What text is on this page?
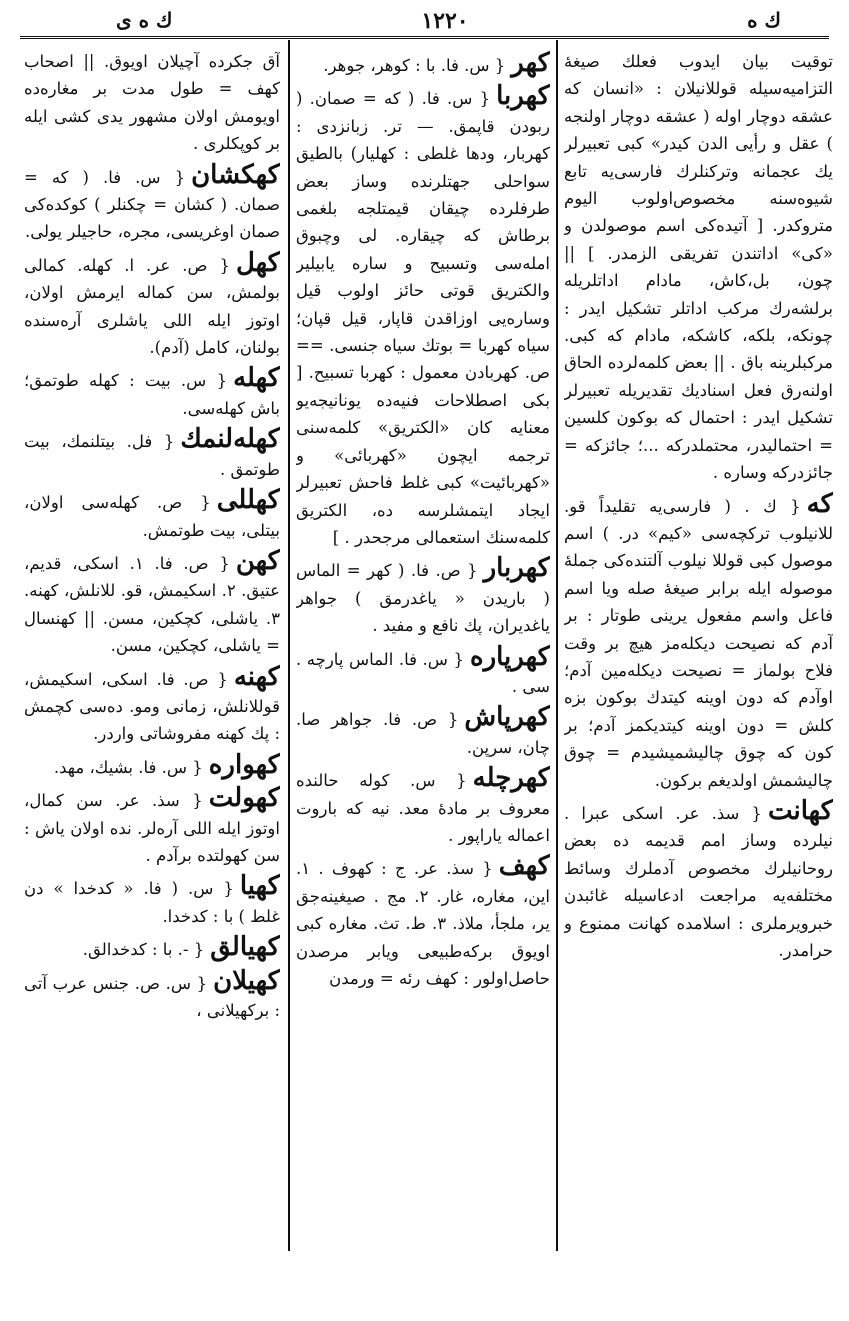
ك ه ى	١٢٢٠	ك ه
توقيت بيان ايدوب فعلك صيغهٔ التزاميه‌سيله قوللانيلان : «انسان كه عشقه دوچار اوله ( عشقه دوچار اولنجه ) عقل و رأيى الدن كيدر» كبى تعبيرلر يك عجمانه وتركنلرك فارسى‌يه تابع شيوه‌سنه مخصوص‌اولوب اليوم متروكدر. [ آتيده‌كى اسم موصولدن و «كى» اداتندن تفريقى الزمدر. ] || چون، بل،كاش، مادام اداتلريله برلشه‌رك مركب اداتلر تشكيل ايدر : چونكه، بلكه، كاشكه، مادام كه كبى. مركبلرينه باق . || بعض كلمه‌لرده الحاق اولنه‌رق فعل اسناديك تقديريله تعبيرلر تشكيل ايدر : احتمال كه بوكون كلسين = احتماليدر، محتملدركه ...؛ جائزكه = جائزدركه وساره .
كه{ ك . ( فارسى‌يه تقليداً قو. للانيلوب تركچه‌سى «كيم» در. ) اسم موصول كبى قوللا نيلوب آلتنده‌كى جملهٔ موصوله ايله برابر صيغهٔ صله ويا اسم فاعل واسم مفعول يرينى طوتار : بر آدم كه نصيحت ديكله‌مز هيچ بر وقت فلاح بولماز = نصيحت ديكله‌مين آدم؛ اوآدم كه دون اوينه كيتدك بوكون بزه كلش = دون اوينه كيتديكمز آدم؛ بر كون كه چوق چاليشميشيدم = چوق چاليشمش اولديغم بركون.
كهانت{ سذ. عر. اسكى عبرا . نيلرده وساز امم قديمه ده بعض روحانيلرك مخصوص آدملرك وسائط مختلفه‌يه مراجعت ادعاسيله غائبدن خبرويرملرى : اسلامده كهانت ممنوع و حرامدر.
كهر{ س. فا. با : كوهر، جوهر.
كهربا{ س. فا. ( كه = صمان. ( ربودن قاپمق. — تر. زبانزدى : كهربار، ودها غلطى : كهليار) بالطيق سواحلى جهتلرنده وساز بعض طرفلرده چيقان قيمتلجه بلغمى برطاش كه چيقاره. لى وچبوق امله‌سى وتسبيح و ساره يابيلير والكتريق قوتى حائز اولوب قيل وساره‌يى اوزاقدن قاپار، قيل قپان؛ سياه كهربا = بوتك سياه جنسى. == ص. كهربادن معمول : كهربا تسبيح. [ بكى اصطلاحات فنيه‌ده يونانيجه‌يو معنايه كان «الكتريق» كلمه‌سنى ترجمه ايچون «كهربائى» و «كهربائيت» كبى غلط فاحش تعبيرلر ايجاد ايتمشلرسه ده، الكتريق كلمه‌سنك استعمالى مرجحدر . ]
كهربار{ ص. فا. ( كهر = الماس ( باريدن « ياغدرمق ) جواهر ياغديران، پك نافع و مفيد .
كهرپاره{ س. فا. الماس پارچه . سى .
كهرپاش{ ص. فا. جواهر صا. چان، سرپن.
كهرچله{ س. كوله حالنده معروف بر مادهٔ معد. نيه كه باروت اعماله ياراپور .
كهف{ سذ. عر. ج : كهوف . ١. اين، مغاره، غار. ٢. مج . صيغينه‌جق ير، ملجأ، ملاذ. ٣. ط. تث. مغاره كبى اويوق بركه‌طبيعى ويابر مرصدن حاصل‌اولور : كهف رئه = ورمدن
آق جكرده آچيلان اويوق. || اصحاب كهف = طول مدت بر مغاره‌ده اويومش اولان مشهور يدى كشى ايله بر كوپكلرى .
كهكشان{ س. فا. ( كه = صمان. ( كشان = چكنلر ) كوكده‌كى صمان اوغريسى، مجره، حاجيلر يولى.
كهل{ ص. عر. ا. كهله. كمالى بولمش، سن كماله ايرمش اولان، اوتوز ايله اللى ياشلرى آره‌سنده بولنان، كامل (آدم).
كهله{ س. بيت : كهله طوتمق؛ باش كهله‌سى.
كهله‌لنمك{ فل. بيتلنمك، بيت طوتمق .
كهللى{ ص. كهله‌سى اولان، بيتلى، بيت طوتمش.
كهن{ ص. فا. ١. اسكى، قديم، عتيق. ٢. اسكيمش، قو. للانلش، كهنه. ٣. ياشلى، كچكين، مسن. || كهنسال = ياشلى، كچكين، مسن.
كهنه{ ص. فا. اسكى، اسكيمش، قوللانلش، زمانى ومو. ده‌سى كچمش : پك كهنه مفروشاتى واردر.
كهواره{ س. فا. بشيك، مهد.
كهولت{ سذ. عر. سن كمال، اوتوز ايله اللى آره‌لر. نده اولان ياش : سن كهولتده برآدم .
كهيا{ س. ( فا. « كدخدا » دن غلط ) با : كدخدا.
كهيالق{ -. با : كدخدالق.
كهيلان{ س. ص. جنس عرب آتى : بركهيلانى ،
